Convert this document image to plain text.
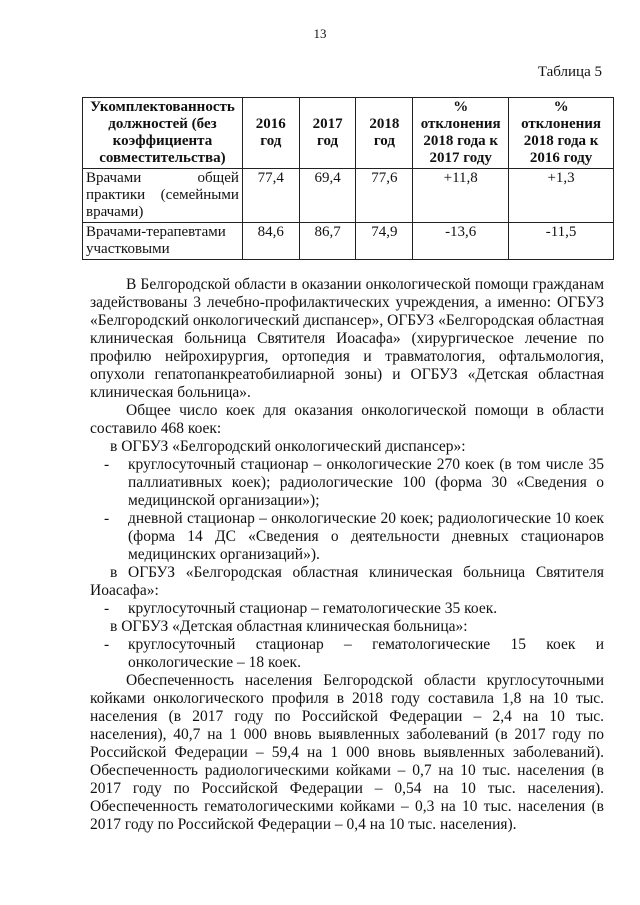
13
Таблица 5
Укомплектованность должностей (без коэффициента совместительства)	2016 год	2017 год	2018 год	% отклонения 2018 года к 2017 году	% отклонения 2018 года к 2016 году
Врачами общей практики (семейными врачами)	77,4	69,4	77,6	+11,8	+1,3
Врачами-терапевтами участковыми	84,6	86,7	74,9	-13,6	-11,5

В Белгородской области в оказании онкологической помощи гражданам задействованы 3 лечебно-профилактических учреждения, а именно: ОГБУЗ «Белгородский онкологический диспансер», ОГБУЗ «Белгородская областная клиническая больница Святителя Иоасафа» (хирургическое лечение по профилю нейрохирургия, ортопедия и травматология, офтальмология, опухоли гепатопанкреатобилиарной зоны) и ОГБУЗ «Детская областная клиническая больница».

Общее число коек для оказания онкологической помощи в области составило 468 коек:

в ОГБУЗ «Белгородский онкологический диспансер»:

-	круглосуточный стационар – онкологические 270 коек (в том числе 35 паллиативных коек); радиологические 100 (форма 30 «Сведения о медицинской организации»);
-	дневной стационар – онкологические 20 коек; радиологические 10 коек (форма 14 ДС «Сведения о деятельности дневных стационаров медицинских организаций»).

в ОГБУЗ «Белгородская областная клиническая больница Святителя Иоасафа»:

-	круглосуточный стационар – гематологические 35 коек.

в ОГБУЗ «Детская областная клиническая больница»:

-	круглосуточный стационар – гематологические 15 коек и онкологические – 18 коек.

Обеспеченность населения Белгородской области круглосуточными койками онкологического профиля в 2018 году составила 1,8 на 10 тыс. населения (в 2017 году по Российской Федерации – 2,4 на 10 тыс. населения), 40,7 на 1 000 вновь выявленных заболеваний (в 2017 году по Российской Федерации – 59,4 на 1 000 вновь выявленных заболеваний). Обеспеченность радиологическими койками – 0,7 на 10 тыс. населения (в 2017 году по Российской Федерации – 0,54 на 10 тыс. населения). Обеспеченность гематологическими койками – 0,3 на 10 тыс. населения (в 2017 году по Российской Федерации – 0,4 на 10 тыс. населения).
